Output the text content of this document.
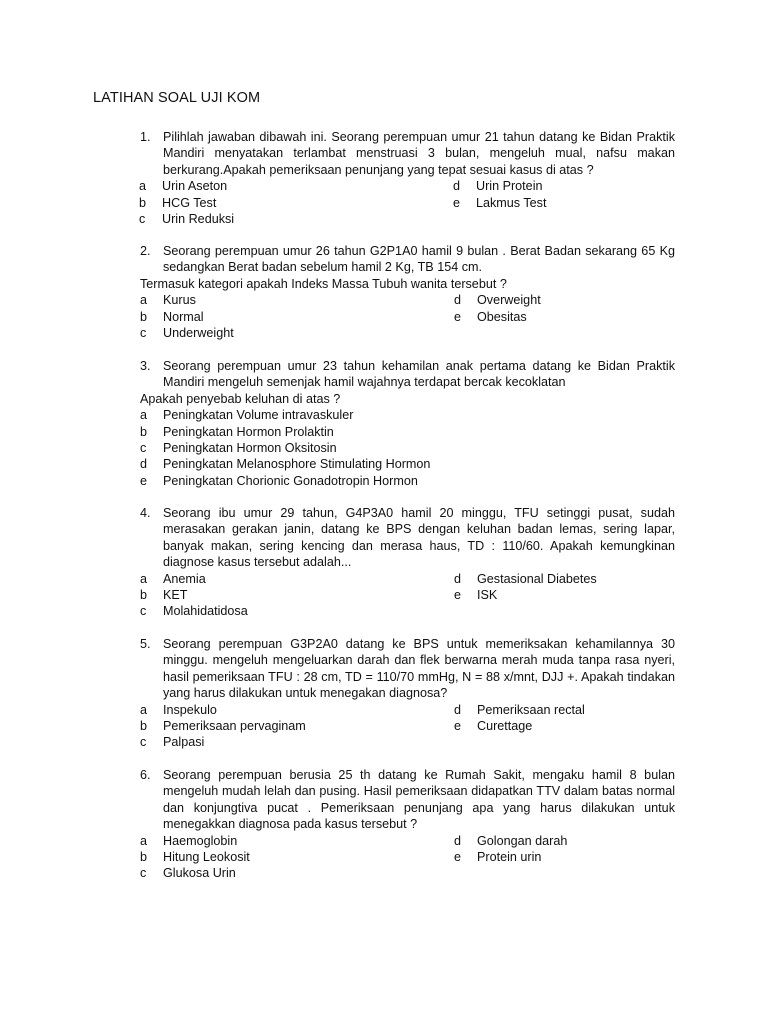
LATIHAN SOAL UJI KOM
1. Pilihlah jawaban dibawah ini. Seorang perempuan umur 21 tahun datang ke Bidan Praktik Mandiri menyatakan terlambat menstruasi 3 bulan, mengeluh mual, nafsu makan berkurang.Apakah pemeriksaan penunjang yang tepat sesuai kasus di atas ?
a	Urin Aseton
b	HCG Test
c	Urin Reduksi
d	Urin Protein
e	Lakmus Test
2. Seorang perempuan umur 26 tahun G2P1A0 hamil 9 bulan . Berat Badan sekarang 65 Kg sedangkan Berat badan sebelum hamil 2 Kg, TB 154 cm.
Termasuk kategori apakah Indeks Massa Tubuh wanita tersebut ?
a	Kurus
b	Normal
c	Underweight
d	Overweight
e	Obesitas
3. Seorang perempuan umur 23 tahun kehamilan anak pertama datang ke Bidan Praktik Mandiri mengeluh semenjak hamil wajahnya terdapat bercak kecoklatan
Apakah penyebab keluhan di atas ?
a	Peningkatan Volume intravaskuler
b	Peningkatan Hormon Prolaktin
c	Peningkatan Hormon Oksitosin
d	Peningkatan Melanosphore Stimulating Hormon
e	Peningkatan Chorionic Gonadotropin Hormon
4. Seorang ibu umur 29 tahun, G4P3A0 hamil 20 minggu, TFU setinggi pusat, sudah merasakan gerakan janin, datang ke BPS dengan keluhan badan lemas, sering lapar, banyak makan, sering kencing dan merasa haus, TD : 110/60. Apakah kemungkinan diagnose kasus tersebut adalah...
a	Anemia
b	KET
c	Molahidatidosa
d	Gestasional Diabetes
e	ISK
5. Seorang perempuan G3P2A0 datang ke BPS untuk memeriksakan kehamilannya 30 minggu. mengeluh mengeluarkan darah dan flek berwarna merah muda tanpa rasa nyeri, hasil pemeriksaan TFU : 28 cm, TD = 110/70 mmHg, N = 88 x/mnt, DJJ +. Apakah tindakan yang harus dilakukan untuk menegakan diagnosa?
a	Inspekulo
b	Pemeriksaan pervaginam
c	Palpasi
d	Pemeriksaan rectal
e	Curettage
6. Seorang perempuan berusia 25 th datang ke Rumah Sakit, mengaku hamil 8 bulan mengeluh mudah lelah dan pusing. Hasil pemeriksaan didapatkan TTV dalam batas normal dan konjungtiva pucat . Pemeriksaan penunjang apa yang harus dilakukan untuk menegakkan diagnosa pada kasus tersebut ?
a	Haemoglobin
b	Hitung Leokosit
c	Glukosa Urin
d	Golongan darah
e	Protein urin
